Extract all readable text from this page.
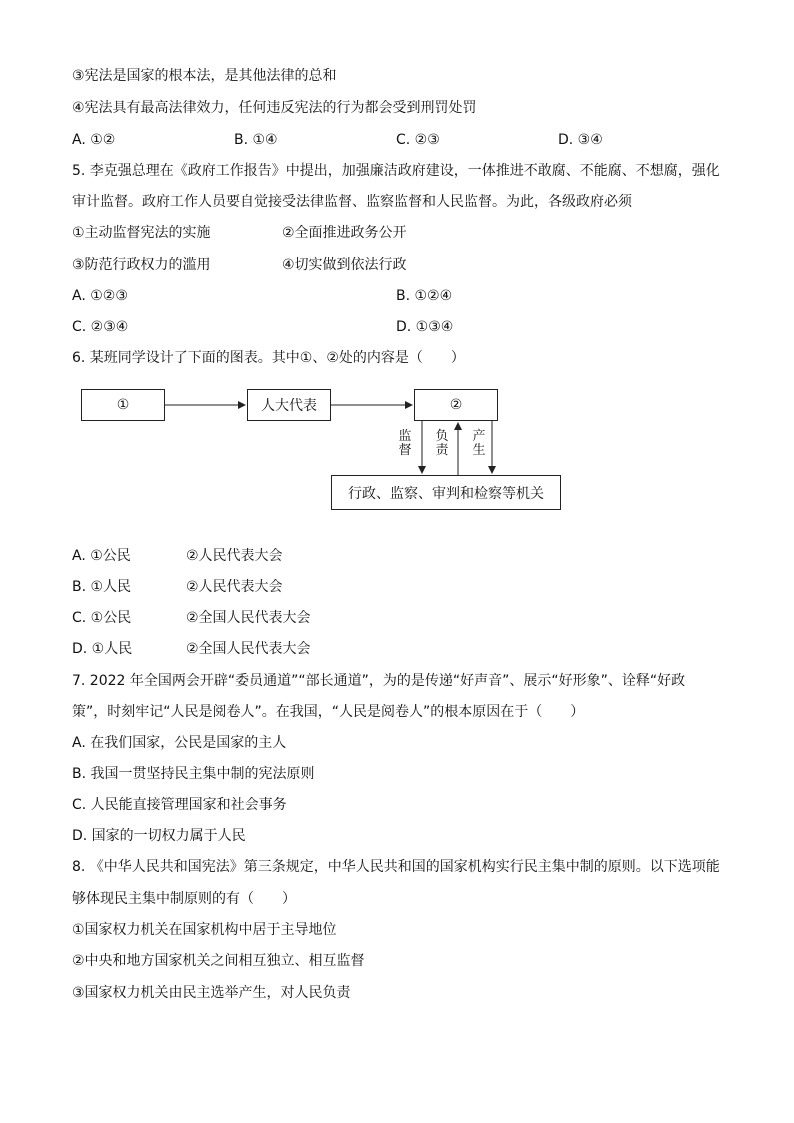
③宪法是国家的根本法，是其他法律的总和
④宪法具有最高法律效力，任何违反宪法的行为都会受到刑罚处罚
A. ①②	B. ①④	C. ②③	D. ③④
5. 李克强总理在《政府工作报告》中提出，加强廉洁政府建设，一体推进不敢腐、不能腐、不想腐，强化
审计监督。政府工作人员要自觉接受法律监督、监察监督和人民监督。为此，各级政府必须
①主动监督宪法的实施	②全面推进政务公开
③防范行政权力的滥用	④切实做到依法行政
A. ①②③	B. ①②④
C. ②③④	D. ①③④
6. 某班同学设计了下面的图表。其中①、②处的内容是（　　）
①	人大代表	②
行政、监察、审判和检察等机关
监督
负责
产生
A. ①公民	②人民代表大会
B. ①人民	②人民代表大会
C. ①公民	②全国人民代表大会
D. ①人民	②全国人民代表大会
7. 2022 年全国两会开辟“委员通道”“部长通道”，为的是传递“好声音”、展示“好形象”、诠释“好政
策”，时刻牢记“人民是阅卷人”。在我国，“人民是阅卷人”的根本原因在于（　　）
A. 在我们国家，公民是国家的主人
B. 我国一贯坚持民主集中制的宪法原则
C. 人民能直接管理国家和社会事务
D. 国家的一切权力属于人民
8. 《中华人民共和国宪法》第三条规定，中华人民共和国的国家机构实行民主集中制的原则。以下选项能
够体现民主集中制原则的有（　　）
①国家权力机关在国家机构中居于主导地位
②中央和地方国家机关之间相互独立、相互监督
③国家权力机关由民主选举产生，对人民负责
